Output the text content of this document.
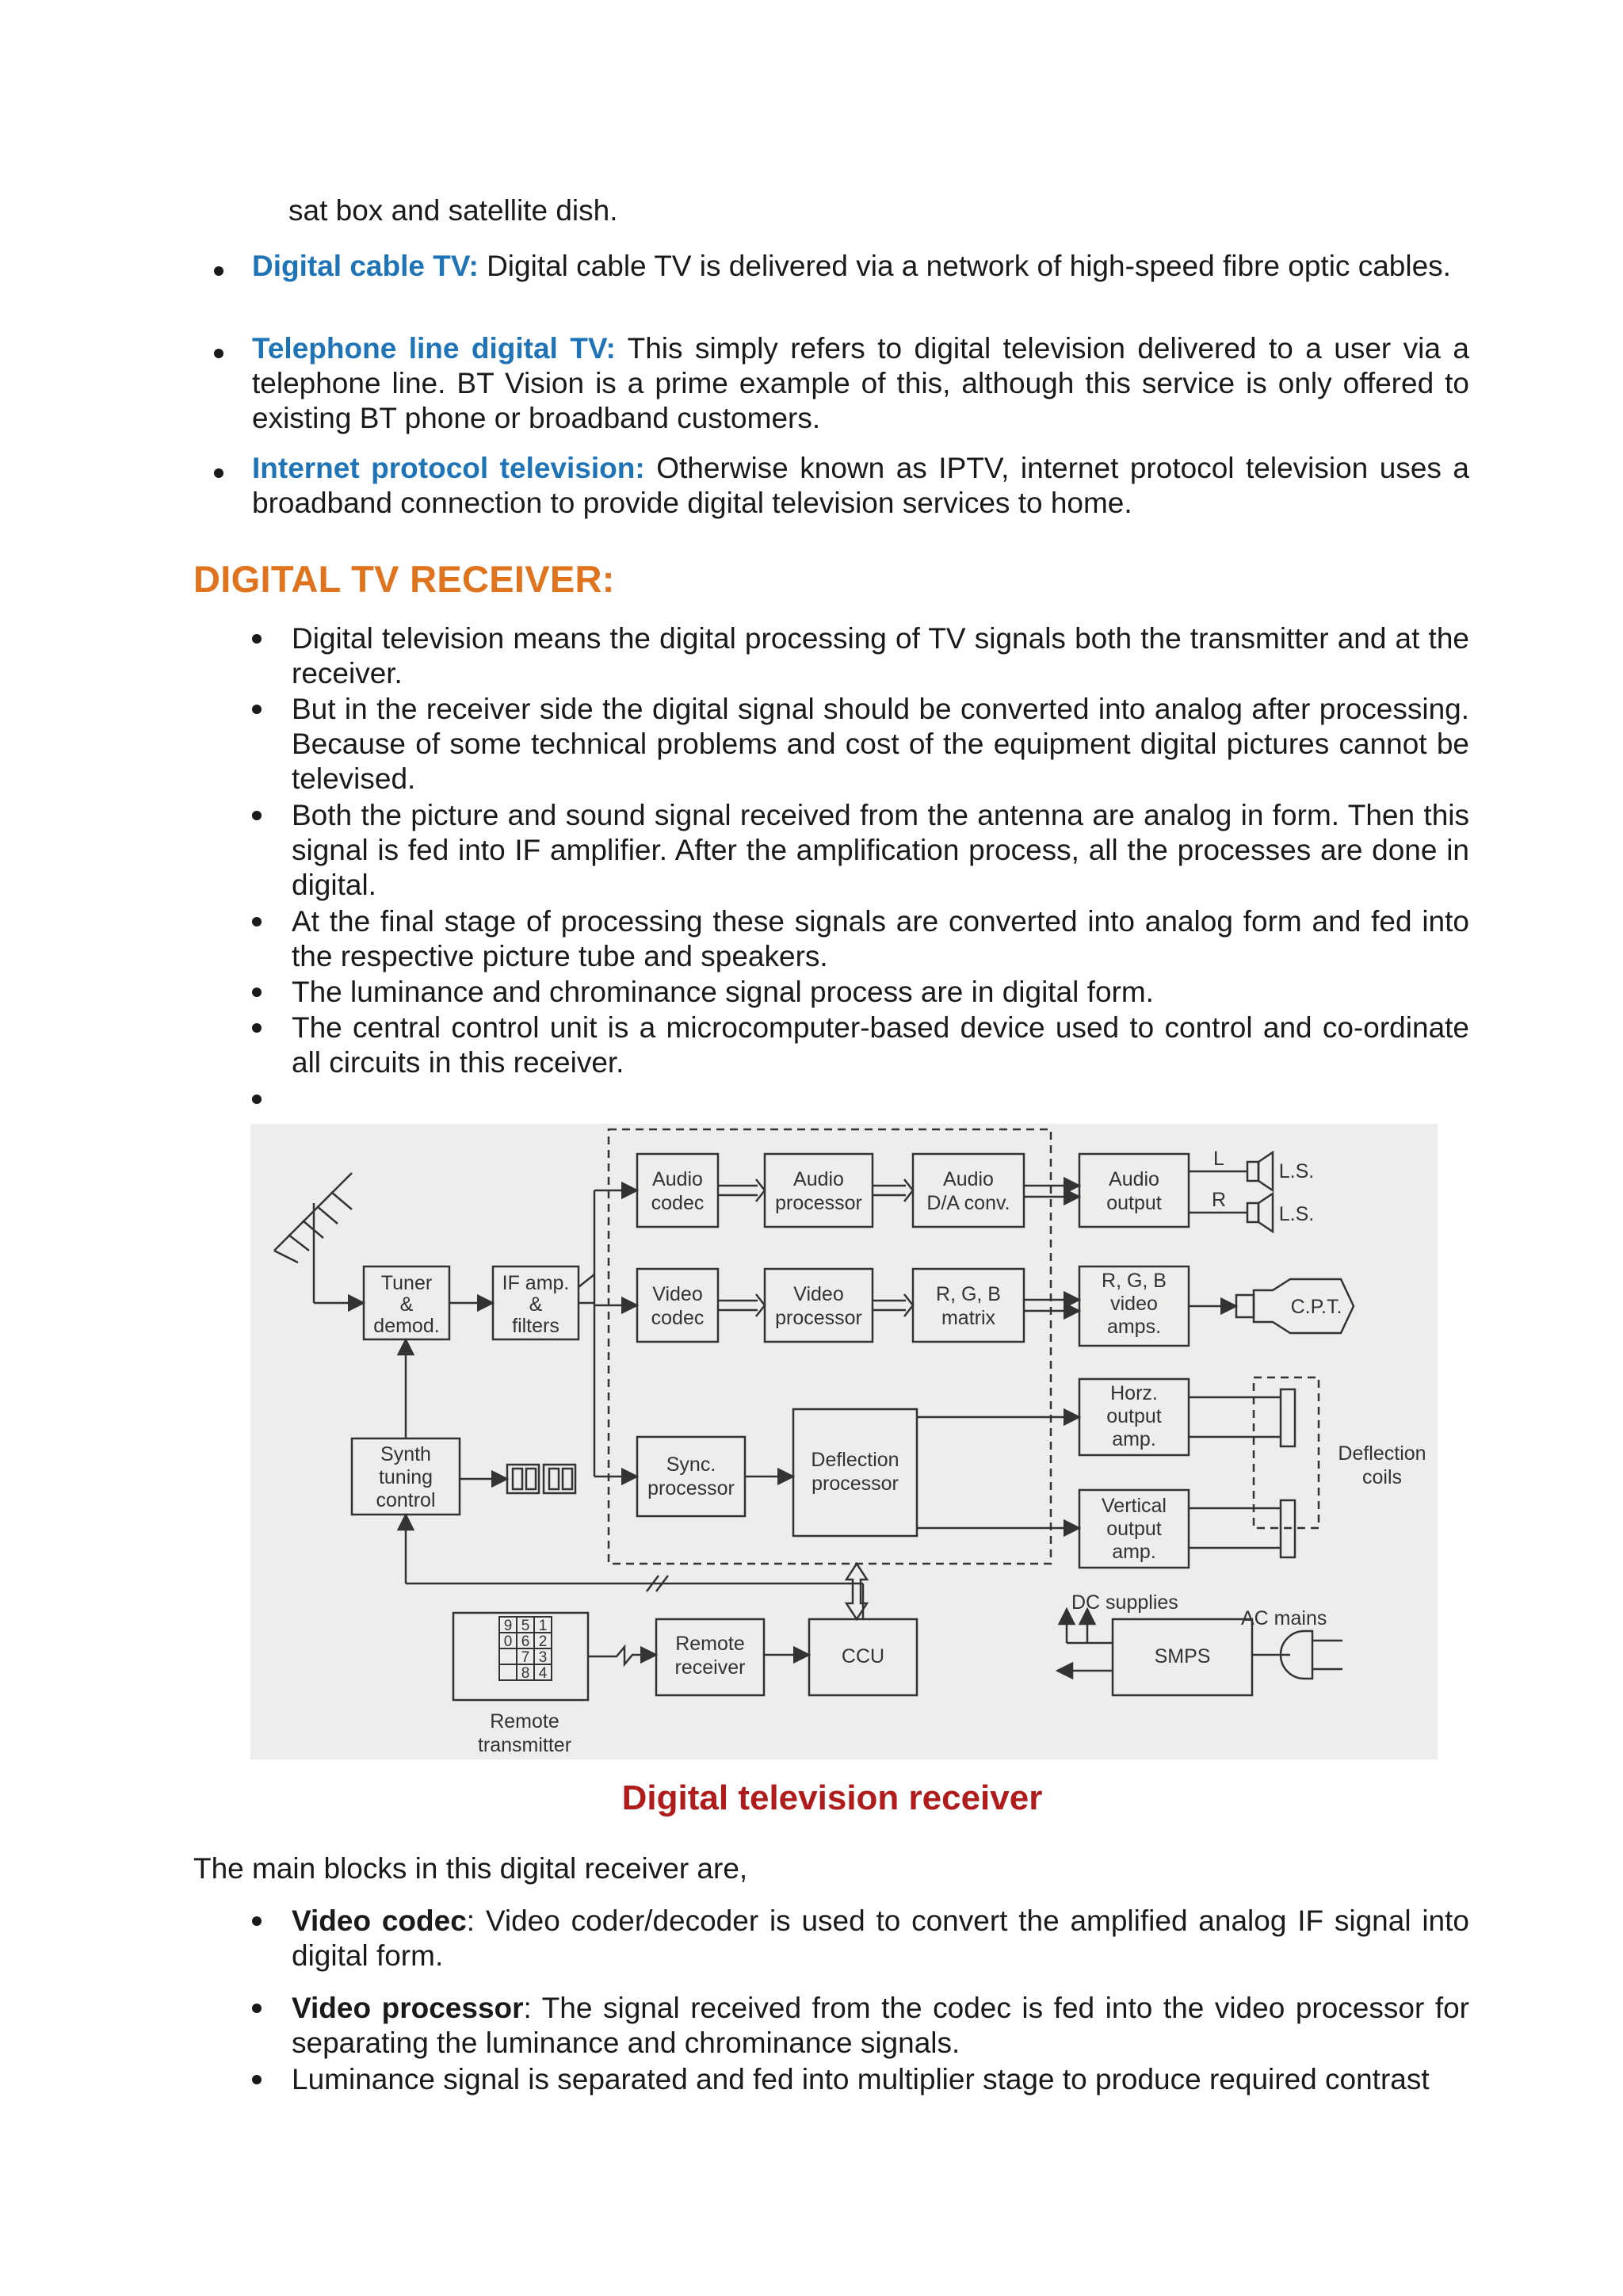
sat box and satellite dish.
Digital cable TV: Digital cable TV is delivered via a network of high-speed fibre optic cables.
Telephone line digital TV: This simply refers to digital television delivered to a user via a telephone line. BT Vision is a prime example of this, although this service is only offered to existing BT phone or broadband customers.
Internet protocol television: Otherwise known as IPTV, internet protocol television uses a broadband connection to provide digital television services to home.
DIGITAL TV RECEIVER:
Digital television means the digital processing of TV signals both the transmitter and at the receiver.
But in the receiver side the digital signal should be converted into analog after processing. Because of some technical problems and cost of the equipment digital pictures cannot be televised.
Both the picture and sound signal received from the antenna are analog in form. Then this signal is fed into IF amplifier. After the amplification process, all the processes are done in digital.
At the final stage of processing these signals are converted into analog form and fed into the respective picture tube and speakers.
The luminance and chrominance signal process are in digital form.
The central control unit is a microcomputer-based device used to control and co-ordinate all circuits in this receiver.
Tuner
&
demod.
IF amp.
&
filters
Audio
codec
Audio
processor
Audio
D/A conv.
Audio
output
Video
codec
Video
processor
R, G, B
matrix
R, G, B
video
amps.
Synth
tuning
control
Sync.
processor
Deflection
processor
Horz.
output
amp.
Vertical
output
amp.
Remote
receiver	CCU	SMPS
DC supplies
AC mains
L
R
L.S.
L.S.
C.P.T.
Deflection
coils
Remote
transmitter
9 5 1
0 6 2
7 3
8 4
Digital television receiver
The main blocks in this digital receiver are,
Video codec: Video coder/decoder is used to convert the amplified analog IF signal into digital form.
Video processor: The signal received from the codec is fed into the video processor for separating the luminance and chrominance signals.
Luminance signal is separated and fed into multiplier stage to produce required contrast
